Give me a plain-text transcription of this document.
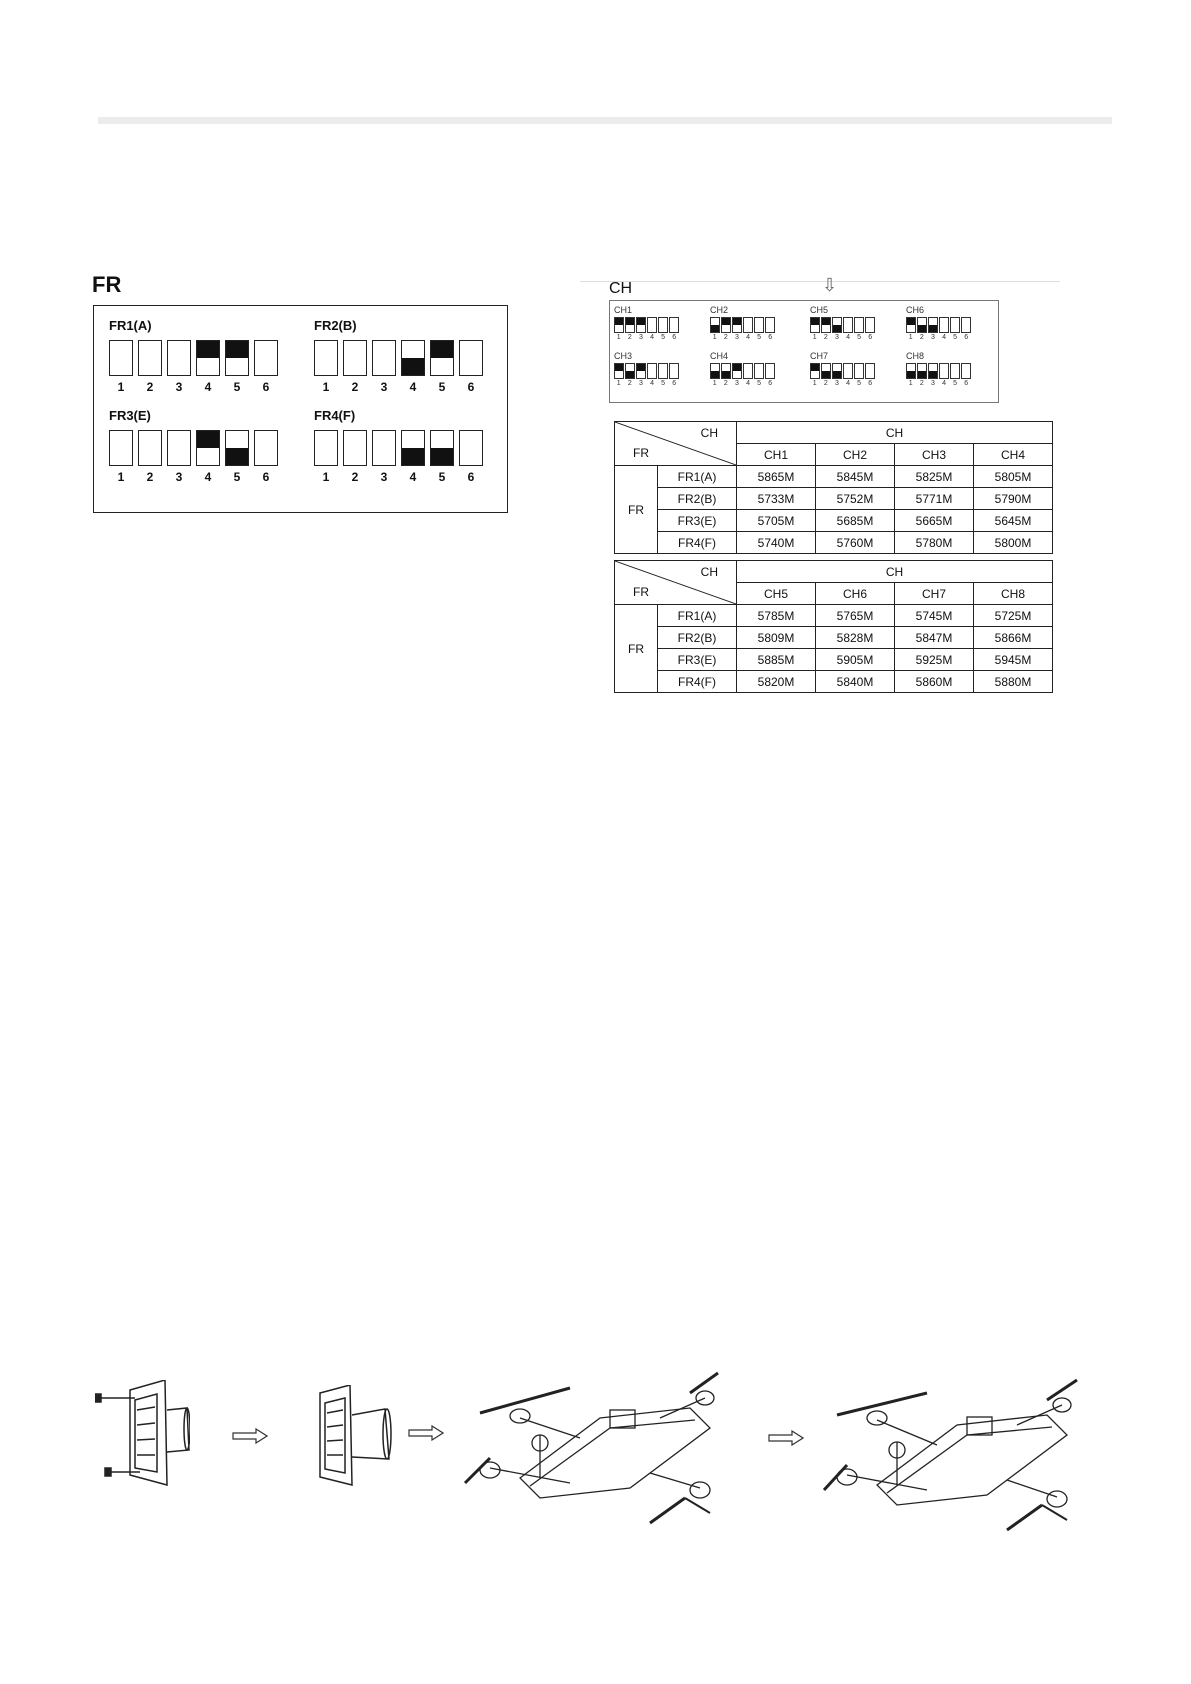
FR
FR1(A)
1	2	3	4	5	6
FR2(B)
1	2	3	4	5	6
FR3(E)
1	2	3	4	5	6
FR4(F)
1	2	3	4	5	6
⇩
CH
CH1
1	2	3	4	5	6
CH2
1	2	3	4	5	6
CH5
1	2	3	4	5	6
CH6
1	2	3	4	5	6
CH3
1	2	3	4	5	6
CH4
1	2	3	4	5	6
CH7
1	2	3	4	5	6
CH8
1	2	3	4	5	6
CH
FR		CH			
		CH1	CH2	CH3	CH4
FR	FR1(A)	5865M	5845M	5825M	5805M
	FR2(B)	5733M	5752M	5771M	5790M
	FR3(E)	5705M	5685M	5665M	5645M
	FR4(F)	5740M	5760M	5780M	5800M
CH
FR		CH			
		CH5	CH6	CH7	CH8
FR	FR1(A)	5785M	5765M	5745M	5725M
	FR2(B)	5809M	5828M	5847M	5866M
	FR3(E)	5885M	5905M	5925M	5945M
	FR4(F)	5820M	5840M	5860M	5880M
